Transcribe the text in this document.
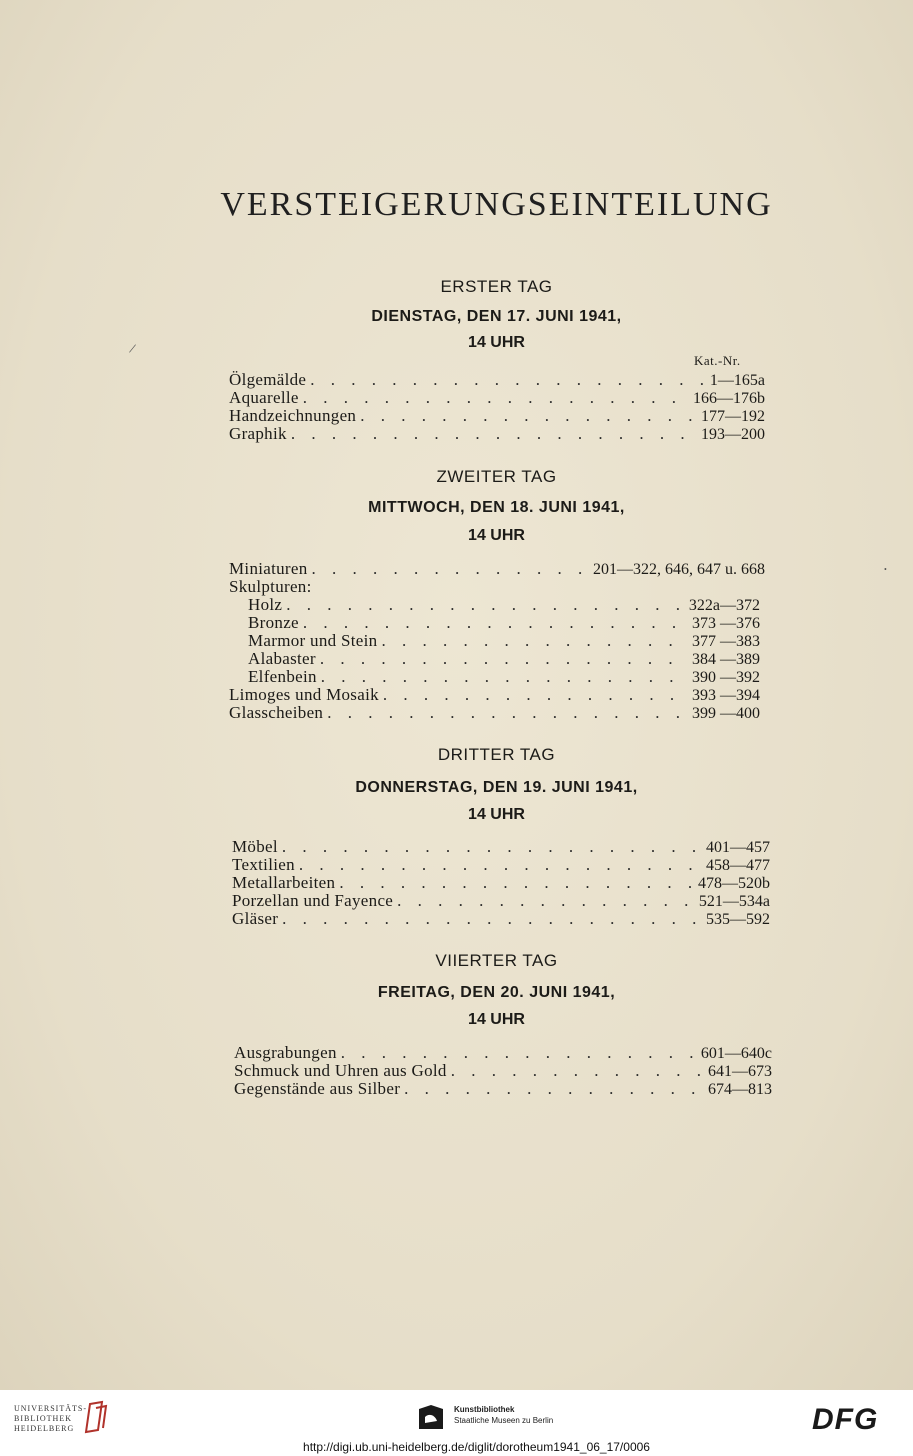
VERSTEIGERUNGSEINTEILUNG
ERSTER TAG
DIENSTAG, DEN 17. JUNI 1941,
14 UHR
Kat.-Nr.
Ölgemälde . . .	1—165a
Aquarelle . . .	166—176b
Handzeichnungen . . .	177—192
Graphik . . .	193—200
ZWEITER TAG
MITTWOCH, DEN 18. JUNI 1941,
14 UHR
Miniaturen . . .	201—322, 646, 647 u. 668
Skulpturen:
Holz . . .	322a—372
Bronze . . .	373 —376
Marmor und Stein . . .	377 —383
Alabaster . . .	384 —389
Elfenbein . . .	390 —392
Limoges und Mosaik . . .	393 —394
Glasscheiben . . .	399 —400
DRITTER TAG
DONNERSTAG, DEN 19. JUNI 1941,
14 UHR
Möbel . . .	401—457
Textilien . . .	458—477
Metallarbeiten . . .	478—520b
Porzellan und Fayence . . .	521—534a
Gläser . . .	535—592
VIIERTER TAG
FREITAG, DEN 20. JUNI 1941,
14 UHR
Ausgrabungen . . .	601—640c
Schmuck und Uhren aus Gold . . .	641—673
Gegenstände aus Silber . . .	674—813
/
•
UNIVERSITÄTS-
BIBLIOTHEK
HEIDELBERG
Kunstbibliothek
Staatliche Museen zu Berlin	DFG
http://digi.ub.uni-heidelberg.de/diglit/dorotheum1941_06_17/0006
